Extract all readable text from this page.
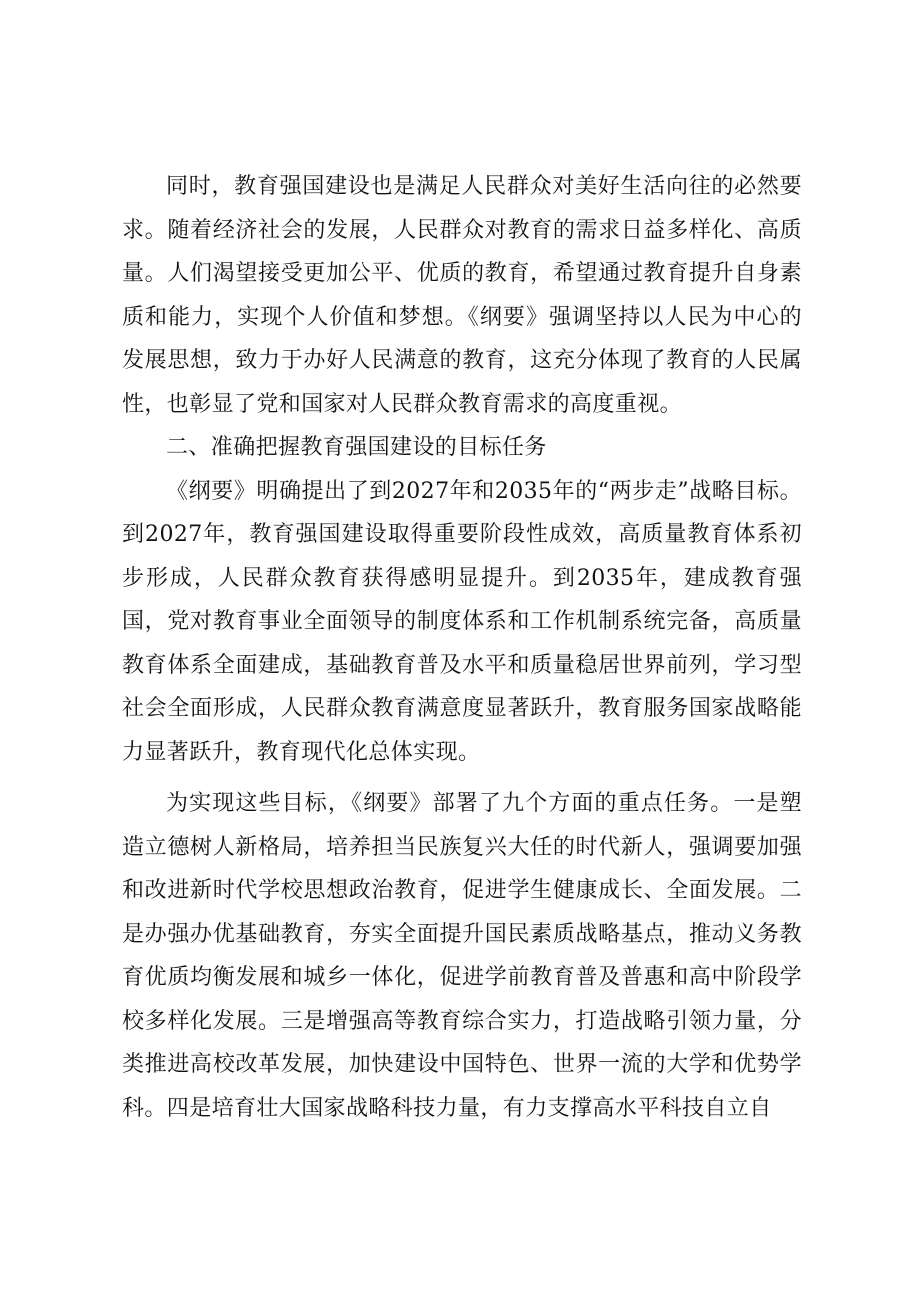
同时，教育强国建设也是满足人民群众对美好生活向往的必然要求。随着经济社会的发展，人民群众对教育的需求日益多样化、高质量。人们渴望接受更加公平、优质的教育，希望通过教育提升自身素质和能力，实现个人价值和梦想。《纲要》强调坚持以人民为中心的发展思想，致力于办好人民满意的教育，这充分体现了教育的人民属性，也彰显了党和国家对人民群众教育需求的高度重视。

二、准确把握教育强国建设的目标任务

《纲要》明确提出了到2027年和2035年的“两步走”战略目标。到2027年，教育强国建设取得重要阶段性成效，高质量教育体系初步形成，人民群众教育获得感明显提升。到2035年，建成教育强国，党对教育事业全面领导的制度体系和工作机制系统完备，高质量教育体系全面建成，基础教育普及水平和质量稳居世界前列，学习型社会全面形成，人民群众教育满意度显著跃升，教育服务国家战略能力显著跃升，教育现代化总体实现。

为实现这些目标，《纲要》部署了九个方面的重点任务。一是塑造立德树人新格局，培养担当民族复兴大任的时代新人，强调要加强和改进新时代学校思想政治教育，促进学生健康成长、全面发展。二是办强办优基础教育，夯实全面提升国民素质战略基点，推动义务教育优质均衡发展和城乡一体化，促进学前教育普及普惠和高中阶段学校多样化发展。三是增强高等教育综合实力，打造战略引领力量，分类推进高校改革发展，加快建设中国特色、世界一流的大学和优势学科。四是培育壮大国家战略科技力量，有力支撑高水平科技自立自
